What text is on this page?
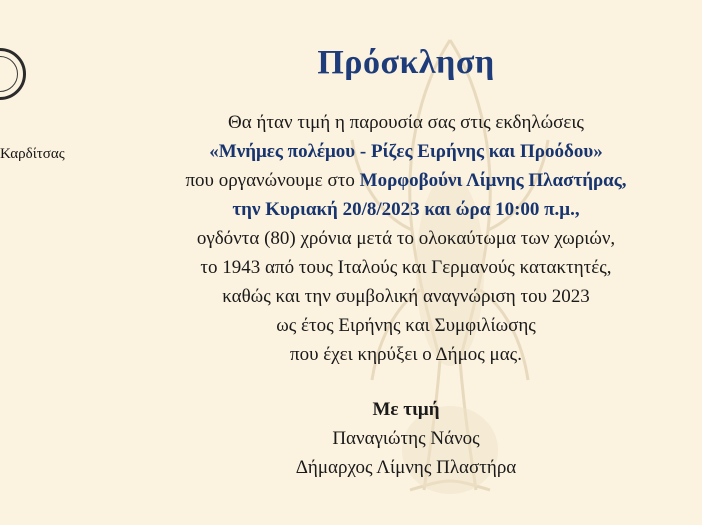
Καρδίτσας
Πρόσκληση
Θα ήταν τιμή η παρουσία σας στις εκδηλώσεις
«Μνήμες πολέμου - Ρίζες Ειρήνης και Προόδου»
που οργανώνουμε στο Μορφοβούνι Λίμνης Πλαστήρας,
την Κυριακή 20/8/2023 και ώρα 10:00 π.μ.,
ογδόντα (80) χρόνια μετά το ολοκαύτωμα των χωριών,
το 1943 από τους Ιταλούς και Γερμανούς κατακτητές,
καθώς και την συμβολική αναγνώριση του 2023
ως έτος Ειρήνης και Συμφιλίωσης
που έχει κηρύξει ο Δήμος μας.
Με τιμή
Παναγιώτης Νάνος
Δήμαρχος Λίμνης Πλαστήρα
